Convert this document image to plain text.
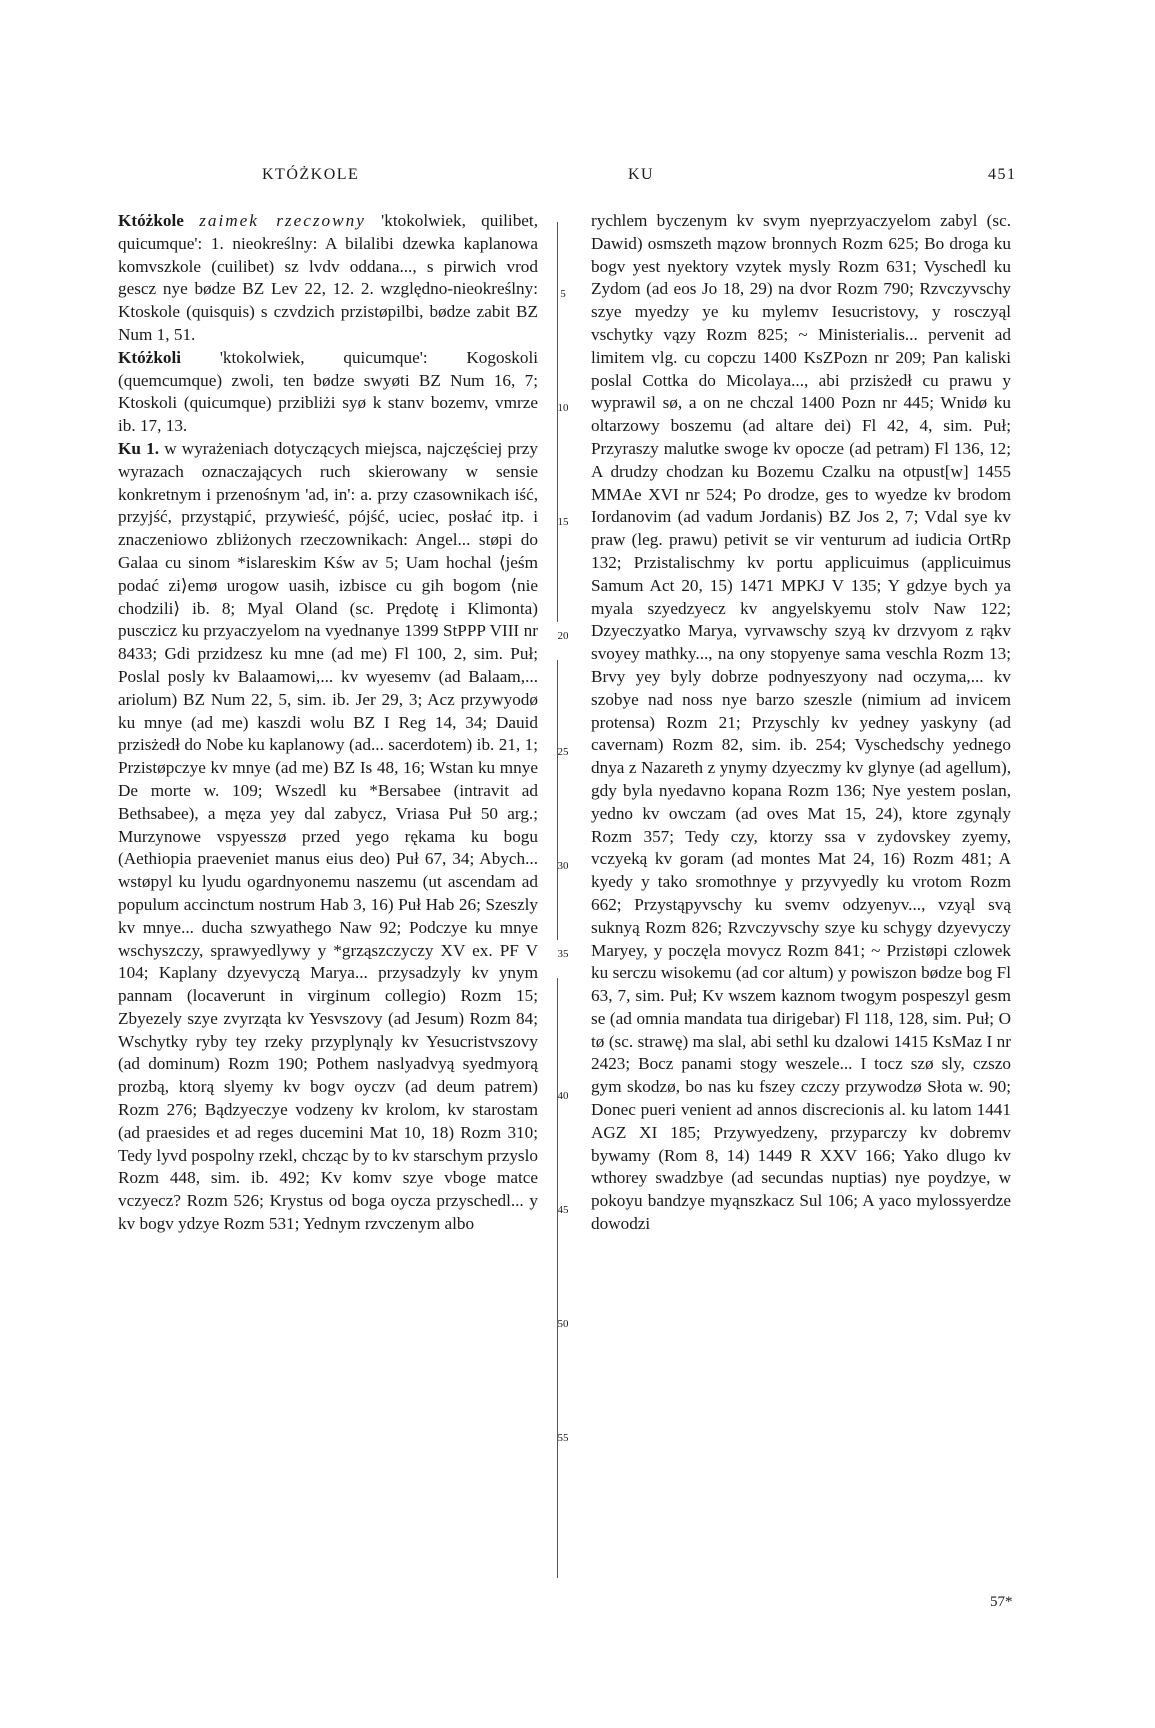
KTÓŻKOLE	KU	451

Któżkole zaimek rzeczowny 'ktokolwiek, quilibet, quicumque': 1. nieokreślny: A bilalibi dzewka kaplanowa komvszkole (cuilibet) sz lvdv oddana..., s pirwich vrod gescz nye bødze BZ Lev 22, 12. 2. względno-nieokreślny: Ktoskole (quisquis) s czvdzich przistøpilbi, bødze zabit BZ Num 1, 51.

Któżkoli 'ktokolwiek, quicumque': Kogoskoli (quemcumque) zwoli, ten bødze swyøti BZ Num 16, 7; Ktoskoli (quicumque) przibliżi syø k stanv bozemv, vmrze ib. 17, 13.

Ku 1. w wyrażeniach dotyczących miejsca, najczęściej przy wyrazach oznaczających ruch skierowany w sensie konkretnym i przenośnym 'ad, in': a. przy czasownikach iść, przyjść, przystąpić, przywieść, pójść, uciec, posłać itp. i znaczeniowo zbliżonych rzeczownikach: Angel... støpi do Galaa cu sinom *islareskim Kśw av 5; Uam hochal ⟨jeśm podać zi⟩emø urogow uasih, izbisce cu gih bogom ⟨nie chodzili⟩ ib. 8; Myal Oland (sc. Prędotę i Klimonta) pusczicz ku przyaczyelom na vyednanye 1399 StPPP VIII nr 8433; Gdi przidzesz ku mne (ad me) Fl 100, 2, sim. Puł; Poslal posly kv Balaamowi,... kv wyesemv (ad Balaam,... ariolum) BZ Num 22, 5, sim. ib. Jer 29, 3; Acz przywyodø ku mnye (ad me) kaszdi wolu BZ I Reg 14, 34; Dauid przisżedł do Nobe ku kaplanowy (ad... sacerdotem) ib. 21, 1; Przistøpczye kv mnye (ad me) BZ Is 48, 16; Wstan ku mnye De morte w. 109; Wszedl ku *Bersabee (intravit ad Bethsabee), a męza yey dal zabycz, Vriasa Puł 50 arg.; Murzynowe vspyesszø przed yego rękama ku bogu (Aethiopia praeveniet manus eius deo) Puł 67, 34; Abych... wstøpyl ku lyudu ogardnyonemu naszemu (ut ascendam ad populum accinctum nostrum Hab 3, 16) Puł Hab 26; Szeszly kv mnye... ducha szwyathego Naw 92; Podczye ku mnye wschyszczy, sprawyedlywy y *grząszczyczy XV ex. PF V 104; Kaplany dzyevyczą Marya... przysadzyly kv ynym pannam (locaverunt in virginum collegio) Rozm 15; Zbyezely szye zvyrząta kv Yesvszovy (ad Jesum) Rozm 84; Wschytky ryby tey rzeky przyplynąly kv Yesucristvszovy (ad dominum) Rozm 190; Pothem naslyadvyą syedmyorą prozbą, ktorą slyemy kv bogv oyczv (ad deum patrem) Rozm 276; Bądzyeczye vodzeny kv krolom, kv starostam (ad praesides et ad reges ducemini Mat 10, 18) Rozm 310; Tedy lyvd pospolny rzekl, chcząc by to kv starschym przyslo Rozm 448, sim. ib. 492; Kv komv szye vboge matce vczyecz? Rozm 526; Krystus od boga oycza przyschedl... y kv bogv ydzye Rozm 531; Yednym rzvczenym albo

5
10
15
20
25
30
35
40
45
50
55

rychlem byczenym kv svym nyeprzyaczyelom zabyl (sc. Dawid) osmszeth mązow bronnych Rozm 625; Bo droga ku bogv yest nyektory vzytek mysly Rozm 631; Vyschedl ku Zydom (ad eos Jo 18, 29) na dvor Rozm 790; Rzvczyvschy szye myedzy ye ku mylemv Iesucristovy, y rosczyąl vschytky vązy Rozm 825; ~ Ministerialis... pervenit ad limitem vlg. cu copczu 1400 KsZPozn nr 209; Pan kaliski poslal Cottka do Micolaya..., abi przisżedł cu prawu y wyprawil sø, a on ne chczal 1400 Pozn nr 445; Wnidø ku oltarzowy boszemu (ad altare dei) Fl 42, 4, sim. Puł; Przyraszy malutke swoge kv opocze (ad petram) Fl 136, 12; A drudzy chodzan ku Bozemu Czalku na otpust[w] 1455 MMAe XVI nr 524; Po drodze, ges to wyedze kv brodom Iordanovim (ad vadum Jordanis) BZ Jos 2, 7; Vdal sye kv praw (leg. prawu) petivit se vir venturum ad iudicia OrtRp 132; Przistalischmy kv portu applicuimus (applicuimus Samum Act 20, 15) 1471 MPKJ V 135; Y gdzye bych ya myala szyedzyecz kv angyelskyemu stolv Naw 122; Dzyeczyatko Marya, vyrvawschy szyą kv drzvyom z rąkv svoyey mathky..., na ony stopyenye sama veschla Rozm 13; Brvy yey byly dobrze podnyeszyony nad oczyma,... kv szobye nad noss nye barzo szeszle (nimium ad invicem protensa) Rozm 21; Przyschly kv yedney yaskyny (ad cavernam) Rozm 82, sim. ib. 254; Vyschedschy yednego dnya z Nazareth z ynymy dzyeczmy kv glynye (ad agellum), gdy byla nyedavno kopana Rozm 136; Nye yestem poslan, yedno kv owczam (ad oves Mat 15, 24), ktore zgynąly Rozm 357; Tedy czy, ktorzy ssa v zydovskey zyemy, vczyeką kv goram (ad montes Mat 24, 16) Rozm 481; A kyedy y tako sromothnye y przyvyedly ku vrotom Rozm 662; Przystąpyvschy ku svemv odzyenyv..., vzyąl svą suknyą Rozm 826; Rzvczyvschy szye ku schygy dzyevyczy Maryey, y poczęla movycz Rozm 841; ~ Przistøpi czlowek ku serczu wisokemu (ad cor altum) y powiszon bødze bog Fl 63, 7, sim. Puł; Kv wszem kaznom twogym pospeszyl gesm se (ad omnia mandata tua dirigebar) Fl 118, 128, sim. Puł; O tø (sc. strawę) ma slal, abi sethl ku dzalowi 1415 KsMaz I nr 2423; Bocz panami stogy weszele... I tocz szø sly, czszo gym skodzø, bo nas ku fszey czczy przywodzø Słota w. 90; Donec pueri venient ad annos discrecionis al. ku latom 1441 AGZ XI 185; Przywyedzeny, przyparczy kv dobremv bywamy (Rom 8, 14) 1449 R XXV 166; Yako dlugo kv wthorey swadzbye (ad secundas nuptias) nye poydzye, w pokoyu bandzye myąnszkacz Sul 106; A yaco mylossyerdze dowodzi

57*
